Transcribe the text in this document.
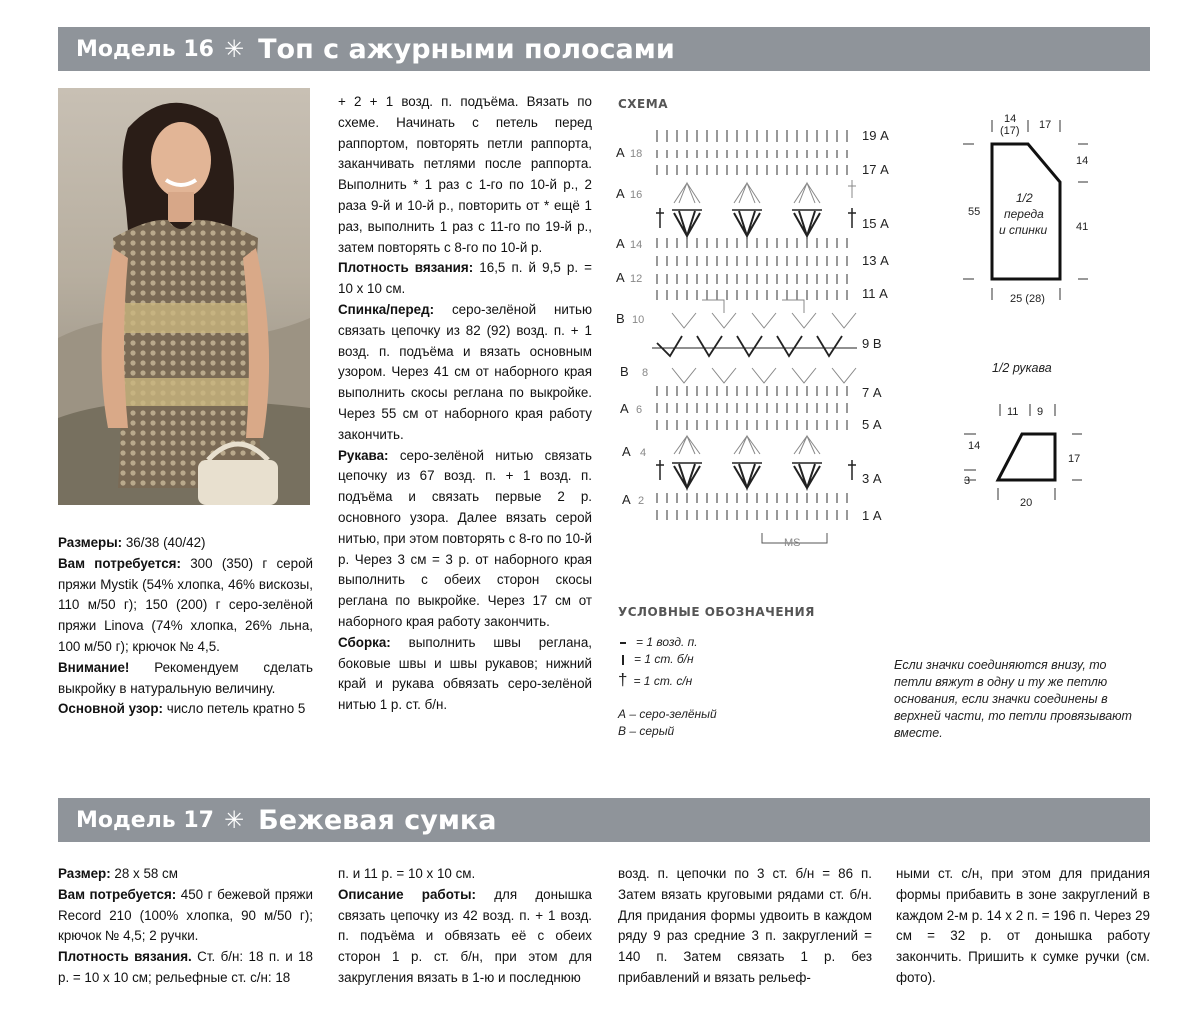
Модель 16 ✳ Топ с ажурными полосами

Размеры: 36/38 (40/42)

Вам потребуется: 300 (350) г серой пряжи Mystik (54% хлопка, 46% вискозы, 110 м/50 г); 150 (200) г серо-зелёной пряжи Linova (74% хлопка, 26% льна, 100 м/50 г); крючок № 4,5.

Внимание! Рекомендуем сделать выкройку в натуральную величину.

Основной узор: число петель кратно 5

+ 2 + 1 возд. п. подъёма. Вязать по схеме. Начинать с петель перед раппортом, повторять петли раппорта, заканчивать петлями после раппорта. Выполнить * 1 раз с 1-го по 10-й р., 2 раза 9-й и 10-й р., повторить от * ещё 1 раз, выполнить 1 раз с 11-го по 19-й р., затем повторять с 8-го по 10-й р.

Плотность вязания: 16,5 п. й 9,5 р. = 10 х 10 см.

Спинка/перед: серо-зелёной нитью связать цепочку из 82 (92) возд. п. + 1 возд. п. подъёма и вязать основным узором. Через 41 см от наборного края выполнить скосы реглана по выкройке. Через 55 см от наборного края работу закончить.

Рукава: серо-зелёной нитью связать цепочку из 67 возд. п. + 1 возд. п. подъёма и связать первые 2 р. основного узора. Далее вязать серой нитью, при этом повторять с 8-го по 10-й р. Через 3 см = 3 р. от наборного края выполнить с обеих сторон скосы реглана по выкройке. Через 17 см от наборного края работу закончить.

Сборка: выполнить швы реглана, боковые швы и швы рукавов; нижний край и рукава обвязать серо-зелёной нитью 1 р. ст. б/н.

СХЕМА
19 А
17 А
15 А
13 А
11 А
9 В
7 А
5 А
3 А
1 А
А 18
А 16
А 14
А 12
В 10
В 8
А 6
А 4
А 2
MS
14
(17) 17
14
55
41
25 (28)
1/2
переда
и спинки
1/2 рукава
11 9
14
3
17
20
УСЛОВНЫЕ ОБОЗНАЧЕНИЯ
= 1 возд. п.
= 1 ст. б/н
† = 1 ст. с/н
А – серо-зелёный
В – серый
Если значки соединяются внизу, то петли вяжут в одну и ту же петлю основания, если значки соединены в верхней части, то петли провязывают вместе.
Модель 17 ✳ Бежевая сумка

Размер: 28 х 58 см

Вам потребуется: 450 г бежевой пряжи Record 210 (100% хлопка, 90 м/50 г); крючок № 4,5; 2 ручки.

Плотность вязания. Ст. б/н: 18 п. и 18 р. = 10 х 10 см; рельефные ст. с/н: 18

п. и 11 р. = 10 х 10 см.

Описание работы: для донышка связать цепочку из 42 возд. п. + 1 возд. п. подъёма и обвязать её с обеих сторон 1 р. ст. б/н, при этом для закругления вязать в 1-ю и последнюю

возд. п. цепочки по 3 ст. б/н = 86 п. Затем вязать круговыми рядами ст. б/н. Для придания формы удвоить в каждом ряду 9 раз средние 3 п. закруглений = 140 п. Затем связать 1 р. без прибавлений и вязать рельеф-

ными ст. с/н, при этом для придания формы прибавить в зоне закруглений в каждом 2-м р. 14 х 2 п. = 196 п. Через 29 см = 32 р. от донышка работу закончить. Пришить к сумке ручки (см. фото).
